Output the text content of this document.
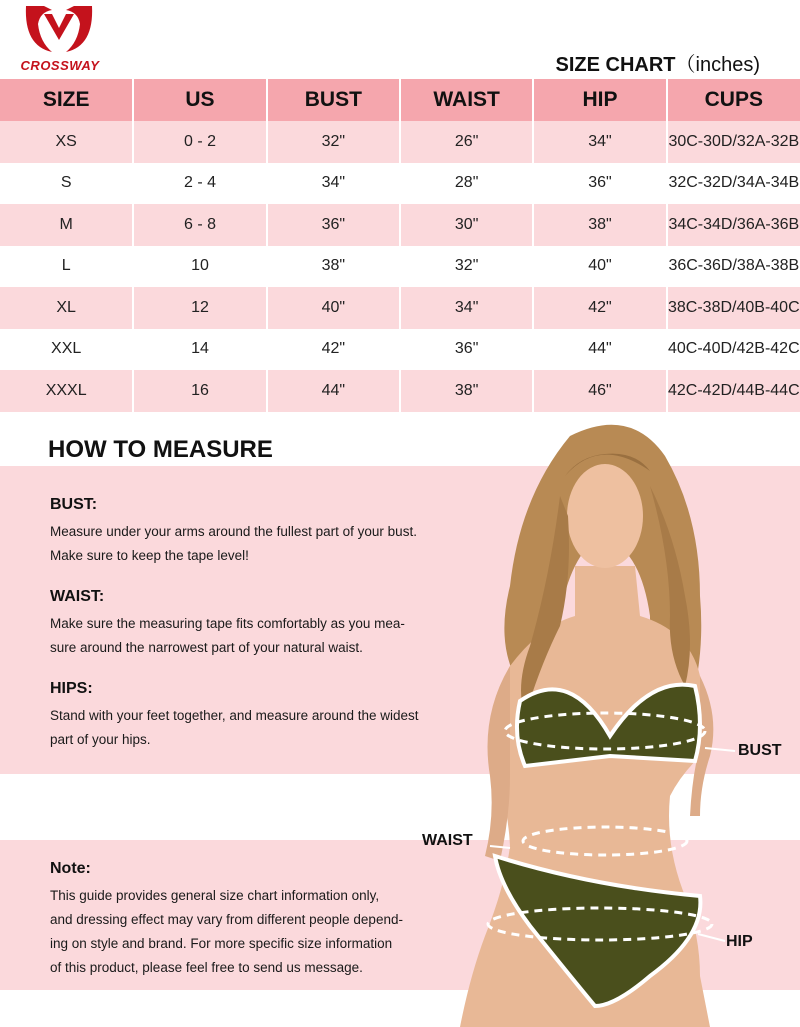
CROSSWAY	SIZE CHART（inches)
SIZE	US	BUST	WAIST	HIP	CUPS
XS	0 - 2	32"	26"	34"	30C-30D/32A-32B
S	2 - 4	34"	28"	36"	32C-32D/34A-34B
M	6 - 8	36"	30"	38"	34C-34D/36A-36B
L	10	38"	32"	40"	36C-36D/38A-38B
XL	12	40"	34"	42"	38C-38D/40B-40C
XXL	14	42"	36"	44"	40C-40D/42B-42C
XXXL	16	44"	38"	46"	42C-42D/44B-44C
HOW TO MEASURE
BUST:

Measure under your arms around the fullest part of your bust.

Make sure to keep the tape level!

WAIST:

Make sure the measuring tape fits comfortably as you mea-

sure around the narrowest part of your natural waist.

HIPS:

Stand with your feet together, and measure around the widest

part of your hips.

Note:

This guide provides general size chart information only,

and dressing effect may vary from different people depend-

ing on style and brand. For more specific size information

of this product, please feel free to send us message.

BUST
WAIST
HIP
